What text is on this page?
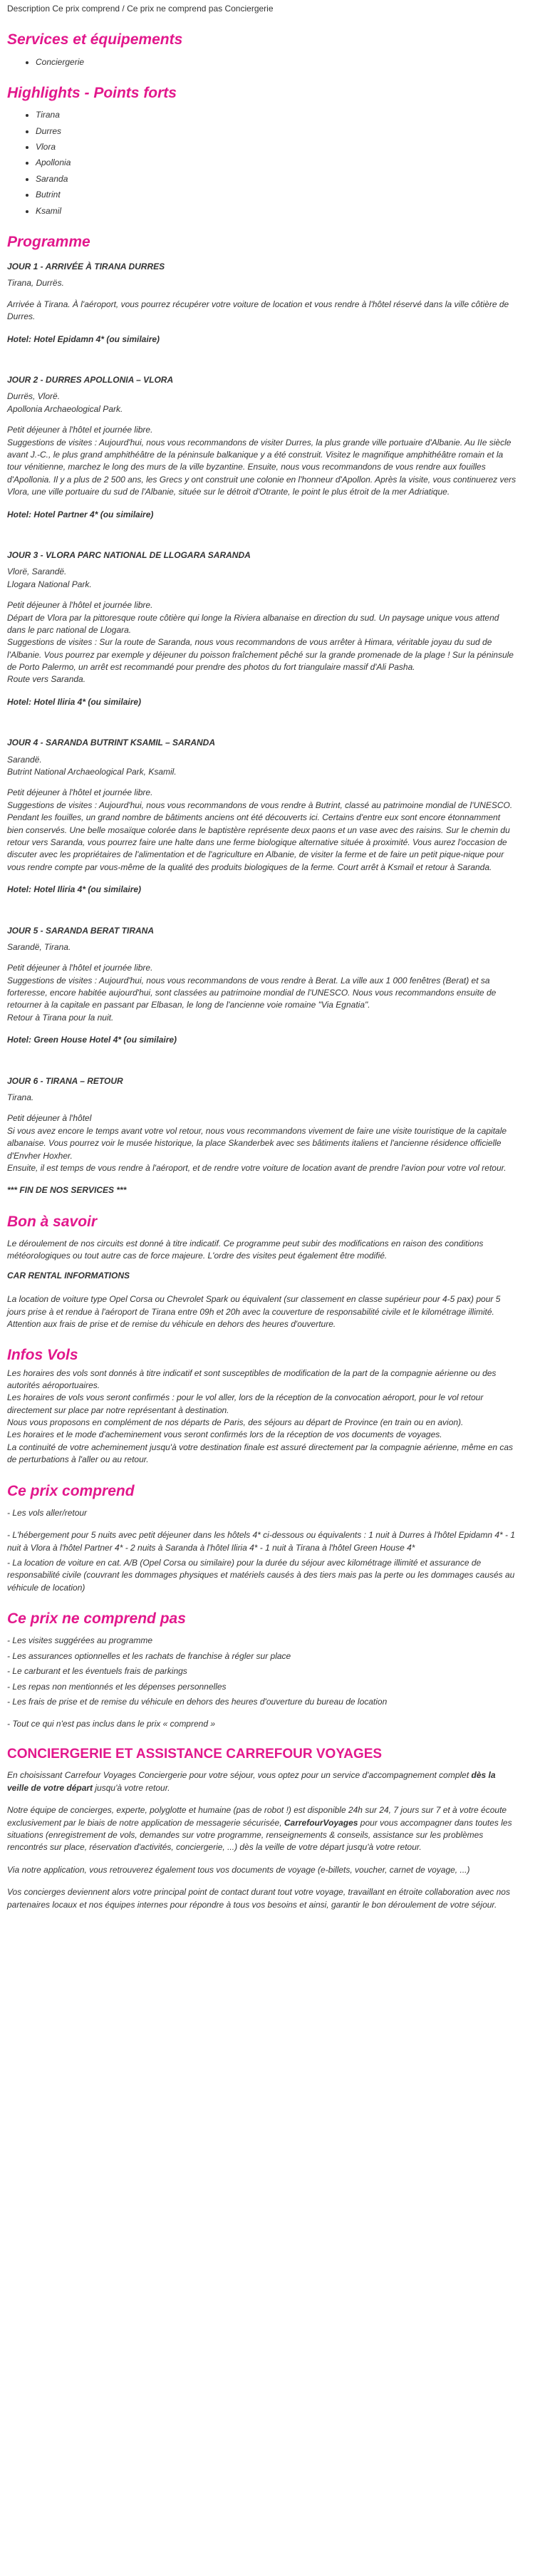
Description Ce prix comprend / Ce prix ne comprend pas Conciergerie
Services et équipements
• Conciergerie
Highlights - Points forts
• Tirana
• Durres
• Vlora
• Apollonia
• Saranda
• Butrint
• Ksamil
Programme
JOUR 1 - ARRIVÉE À TIRANA DURRES

Tirana, Durrës.

Arrivée à Tirana. À l'aéroport, vous pourrez récupérer votre voiture de location et vous rendre à l'hôtel réservé dans la ville côtière de Durres.

Hotel: Hotel Epidamn 4* (ou similaire)
JOUR 2 - DURRES APOLLONIA – VLORA

Durrës, Vlorë.
Apollonia Archaeological Park.

Petit déjeuner à l'hôtel et journée libre.
Suggestions de visites : Aujourd'hui, nous vous recommandons de visiter Durres, la plus grande ville portuaire d'Albanie. Au IIe siècle avant J.-C., le plus grand amphithéâtre de la péninsule balkanique y a été construit. Visitez le magnifique amphithéâtre romain et la tour vénitienne, marchez le long des murs de la ville byzantine. Ensuite, nous vous recommandons de vous rendre aux fouilles d'Apollonia. Il y a plus de 2 500 ans, les Grecs y ont construit une colonie en l'honneur d'Apollon. Après la visite, vous continuerez vers Vlora, une ville portuaire du sud de l'Albanie, située sur le détroit d'Otrante, le point le plus étroit de la mer Adriatique.

Hotel: Hotel Partner 4* (ou similaire)
JOUR 3 - VLORA PARC NATIONAL DE LLOGARA SARANDA

Vlorë, Sarandë.
Llogara National Park.

Petit déjeuner à l'hôtel et journée libre.
Départ de Vlora par la pittoresque route côtière qui longe la Riviera albanaise en direction du sud. Un paysage unique vous attend dans le parc national de Llogara.
Suggestions de visites : Sur la route de Saranda, nous vous recommandons de vous arrêter à Himara, véritable joyau du sud de l'Albanie. Vous pourrez par exemple y déjeuner du poisson fraîchement pêché sur la grande promenade de la plage ! Sur la péninsule de Porto Palermo, un arrêt est recommandé pour prendre des photos du fort triangulaire massif d'Ali Pasha.
Route vers Saranda.

Hotel: Hotel Iliria 4* (ou similaire)
JOUR 4 - SARANDA BUTRINT KSAMIL – SARANDA

Sarandë.
Butrint National Archaeological Park, Ksamil.

Petit déjeuner à l'hôtel et journée libre.
Suggestions de visites : Aujourd'hui, nous vous recommandons de vous rendre à Butrint, classé au patrimoine mondial de l'UNESCO. Pendant les fouilles, un grand nombre de bâtiments anciens ont été découverts ici. Certains d'entre eux sont encore étonnamment bien conservés. Une belle mosaïque colorée dans le baptistère représente deux paons et un vase avec des raisins. Sur le chemin du retour vers Saranda, vous pourrez faire une halte dans une ferme biologique alternative située à proximité. Vous aurez l'occasion de discuter avec les propriétaires de l'alimentation et de l'agriculture en Albanie, de visiter la ferme et de faire un petit pique-nique pour vous rendre compte par vous-même de la qualité des produits biologiques de la ferme. Court arrêt à Ksmail et retour à Saranda.

Hotel: Hotel Iliria 4* (ou similaire)
JOUR 5 - SARANDA BERAT TIRANA

Sarandë, Tirana.

Petit déjeuner à l'hôtel et journée libre.
Suggestions de visites : Aujourd'hui, nous vous recommandons de vous rendre à Berat. La ville aux 1 000 fenêtres (Berat) et sa forteresse, encore habitée aujourd'hui, sont classées au patrimoine mondial de l'UNESCO. Nous vous recommandons ensuite de retourner à la capitale en passant par Elbasan, le long de l'ancienne voie romaine "Via Egnatia".
Retour à Tirana pour la nuit.

Hotel: Green House Hotel 4* (ou similaire)
JOUR 6 - TIRANA – RETOUR

Tirana.

Petit déjeuner à l'hôtel
Si vous avez encore le temps avant votre vol retour, nous vous recommandons vivement de faire une visite touristique de la capitale albanaise. Vous pourrez voir le musée historique, la place Skanderbek avec ses bâtiments italiens et l'ancienne résidence officielle d'Envher Hoxher.
Ensuite, il est temps de vous rendre à l'aéroport, et de rendre votre voiture de location avant de prendre l'avion pour votre vol retour.

*** FIN DE NOS SERVICES ***
Bon à savoir

Le déroulement de nos circuits est donné à titre indicatif. Ce programme peut subir des modifications en raison des conditions météorologiques ou tout autre cas de force majeure. L'ordre des visites peut également être modifié.

CAR RENTAL INFORMATIONS

La location de voiture type Opel Corsa ou Chevrolet Spark ou équivalent (sur classement en classe supérieur pour 4-5 pax) pour 5 jours prise à et rendue à l'aéroport de Tirana entre 09h et 20h avec la couverture de responsabilité civile et le kilométrage illimité. Attention aux frais de prise et de remise du véhicule en dehors des heures d'ouverture.

Infos Vols

Les horaires des vols sont donnés à titre indicatif et sont susceptibles de modification de la part de la compagnie aérienne ou des autorités aéroportuaires.
Les horaires de vols vous seront confirmés : pour le vol aller, lors de la réception de la convocation aéroport, pour le vol retour directement sur place par notre représentant à destination.
Nous vous proposons en complément de nos départs de Paris, des séjours au départ de Province (en train ou en avion).
Les horaires et le mode d'acheminement vous seront confirmés lors de la réception de vos documents de voyages.
La continuité de votre acheminement jusqu'à votre destination finale est assuré directement par la compagnie aérienne, même en cas de perturbations à l'aller ou au retour.

Ce prix comprend

- Les vols aller/retour

- L'hébergement pour 5 nuits avec petit déjeuner dans les hôtels 4* ci-dessous ou équivalents : 1 nuit à Durres à l'hôtel Epidamn 4* - 1 nuit à Vlora à l'hôtel Partner 4* - 2 nuits à Saranda à l'hôtel Iliria 4* - 1 nuit à Tirana à l'hôtel Green House 4*

- La location de voiture en cat. A/B (Opel Corsa ou similaire) pour la durée du séjour avec kilométrage illimité et assurance de responsabilité civile (couvrant les dommages physiques et matériels causés à des tiers mais pas la perte ou les dommages causés au véhicule de location)

Ce prix ne comprend pas

- Les visites suggérées au programme

- Les assurances optionnelles et les rachats de franchise à régler sur place

- Le carburant et les éventuels frais de parkings

- Les repas non mentionnés et les dépenses personnelles

- Les frais de prise et de remise du véhicule en dehors des heures d'ouverture du bureau de location

- Tout ce qui n'est pas inclus dans le prix « comprend »

CONCIERGERIE ET ASSISTANCE CARREFOUR VOYAGES

En choisissant Carrefour Voyages Conciergerie pour votre séjour, vous optez pour un service d'accompagnement complet dès la veille de votre départ jusqu'à votre retour.

Notre équipe de concierges, experte, polyglotte et humaine (pas de robot !) est disponible 24h sur 24, 7 jours sur 7 et à votre écoute exclusivement par le biais de notre application de messagerie sécurisée, CarrefourVoyages pour vous accompagner dans toutes les situations (enregistrement de vols, demandes sur votre programme, renseignements & conseils, assistance sur les problèmes rencontrés sur place, réservation d'activités, conciergerie, ...) dès la veille de votre départ jusqu'à votre retour.

Via notre application, vous retrouverez également tous vos documents de voyage (e-billets, voucher, carnet de voyage, ...)

Vos concierges deviennent alors votre principal point de contact durant tout votre voyage, travaillant en étroite collaboration avec nos partenaires locaux et nos équipes internes pour répondre à tous vos besoins et ainsi, garantir le bon déroulement de votre séjour.
